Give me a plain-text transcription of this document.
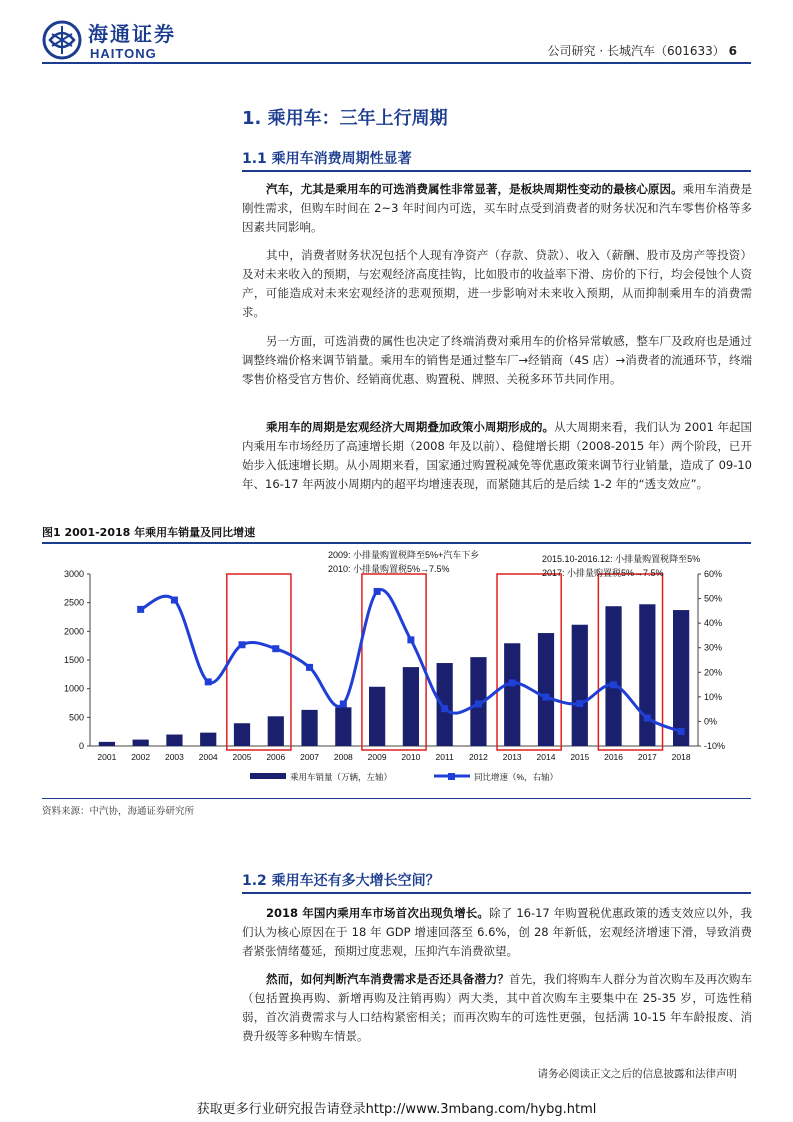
海通证券
HAITONG	公司研究 · 长城汽车（601633） 6
1. 乘用车：三年上行周期
1.1 乘用车消费周期性显著

汽车，尤其是乘用车的可选消费属性非常显著，是板块周期性变动的最核心原因。乘用车消费是刚性需求，但购车时间在 2~3 年时间内可选，买车时点受到消费者的财务状况和汽车零售价格等多因素共同影响。

其中，消费者财务状况包括个人现有净资产（存款、贷款）、收入（薪酬、股市及房产等投资）及对未来收入的预期，与宏观经济高度挂钩，比如股市的收益率下滑、房价的下行，均会侵蚀个人资产，可能造成对未来宏观经济的悲观预期，进一步影响对未来收入预期，从而抑制乘用车的消费需求。

另一方面，可选消费的属性也决定了终端消费对乘用车的价格异常敏感，整车厂及政府也是通过调整终端价格来调节销量。乘用车的销售是通过整车厂→经销商（4S 店）→消费者的流通环节，终端零售价格受官方售价、经销商优惠、购置税、牌照、关税多环节共同作用。

乘用车的周期是宏观经济大周期叠加政策小周期形成的。从大周期来看，我们认为 2001 年起国内乘用车市场经历了高速增长期（2008 年及以前）、稳健增长期（2008-2015 年）两个阶段，已开始步入低速增长期。从小周期来看，国家通过购置税减免等优惠政策来调节行业销量，造成了 09-10 年、16-17 年两波小周期内的超平均增速表现，而紧随其后的是后续 1-2 年的“透支效应”。

图1 2001-2018 年乘用车销量及同比增速
0
500
1000
1500
2000
2500
3000
-10%
0%
10%
20%
30%
40%
50%
60%
2001 2002 2003 2004 2005 2006 2007 2008 2009 2010 2011 2012 2013 2014 2015 2016 2017 2018
2009: 小排量购置税降至5%+汽车下乡
2010: 小排量购置税5%→7.5%
2015.10-2016.12: 小排量购置税降至5%
2017: 小排量购置税5%→7.5%
乘用车销量（万辆，左轴）	同比增速（%，右轴）
资料来源：中汽协，海通证券研究所
1.2 乘用车还有多大增长空间？

2018 年国内乘用车市场首次出现负增长。除了 16-17 年购置税优惠政策的透支效应以外，我们认为核心原因在于 18 年 GDP 增速回落至 6.6%，创 28 年新低，宏观经济增速下滑，导致消费者紧张情绪蔓延，预期过度悲观，压抑汽车消费欲望。

然而，如何判断汽车消费需求是否还具备潜力？首先，我们将购车人群分为首次购车及再次购车（包括置换再购、新增再购及注销再购）两大类，其中首次购车主要集中在 25-35 岁，可选性稍弱，首次消费需求与人口结构紧密相关；而再次购车的可选性更强，包括满 10-15 年车龄报废、消费升级等多种购车情景。

请务必阅读正文之后的信息披露和法律声明
获取更多行业研究报告请登录http://www.3mbang.com/hybg.html
